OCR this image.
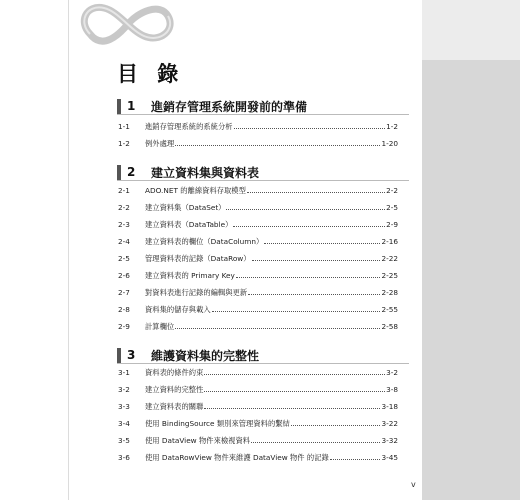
目 錄
1	進銷存管理系統開發前的準備
1-1	進銷存管理系統的系統分析	1-2
1-2	例外處理	1-20
2	建立資料集與資料表
2-1	ADO.NET 的離線資料存取模型	2-2
2-2	建立資料集（DataSet）	2-5
2-3	建立資料表（DataTable）	2-9
2-4	建立資料表的欄位（DataColumn）	2-16
2-5	管理資料表的記錄（DataRow）	2-22
2-6	建立資料表的 Primary Key	2-25
2-7	對資料表進行記錄的編輯與更新	2-28
2-8	資料集的儲存與載入	2-55
2-9	計算欄位	2-58
3	維護資料集的完整性
3-1	資料表的條件約束	3-2
3-2	建立資料的完整性	3-8
3-3	建立資料表的關聯	3-18
3-4	使用 BindingSource 類別來管理資料的繫結	3-22
3-5	使用 DataView 物件來檢視資料	3-32
3-6	使用 DataRowView 物件來維護 DataView 物件 的記錄	3-45
v
